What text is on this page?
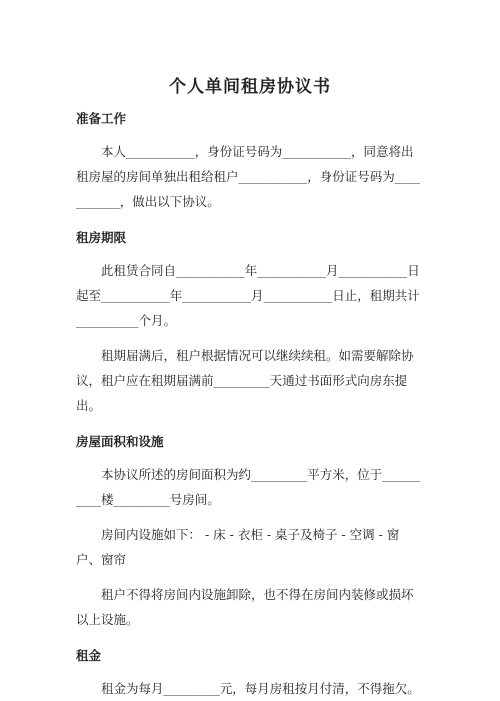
个人单间租房协议书
准备工作

本人___________，身份证号码为___________，同意将出租房屋的房间单独出租给租户___________，身份证号码为___________，做出以下协议。

租房期限

此租赁合同自___________年___________月___________日起至___________年___________月___________日止，租期共计__________个月。

租期届满后，租户根据情况可以继续续租。如需要解除协议，租户应在租期届满前_________天通过书面形式向房东提出。

房屋面积和设施

本协议所述的房间面积为约_________平方米，位于__________楼_________号房间。

房间内设施如下： - 床 - 衣柜 - 桌子及椅子 - 空调 - 窗户、窗帘

租户不得将房间内设施卸除，也不得在房间内装修或损坏以上设施。

租金

租金为每月_________元，每月房租按月付清，不得拖欠。
